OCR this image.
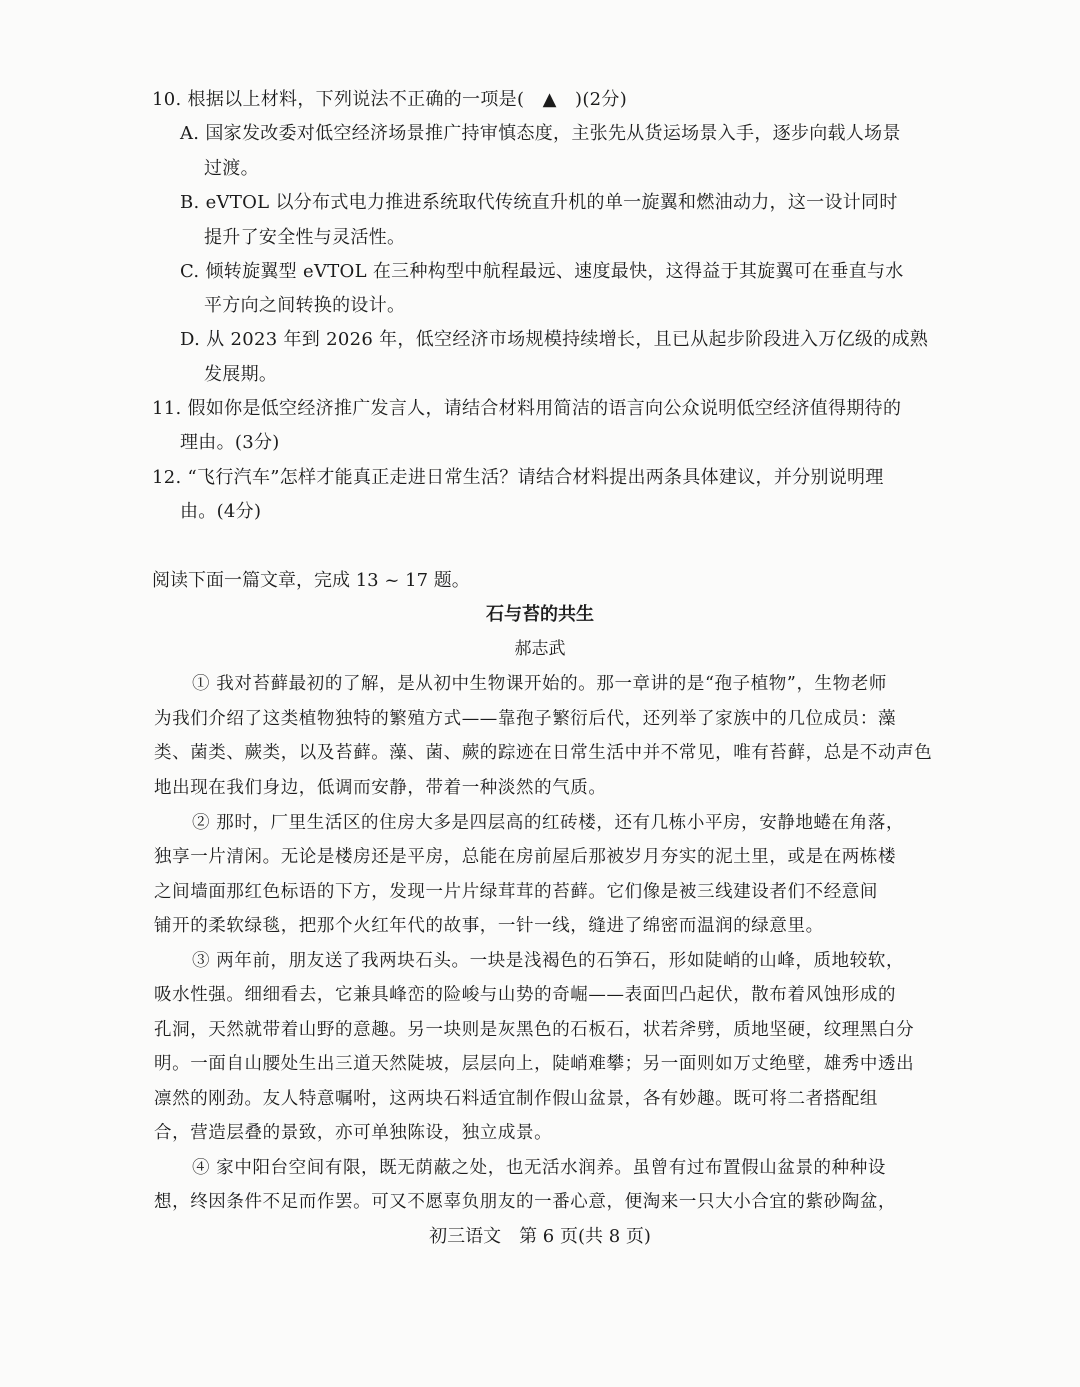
10. 根据以上材料，下列说法不正确的一项是(　▲　)(2分)
A. 国家发改委对低空经济场景推广持审慎态度，主张先从货运场景入手，逐步向载人场景
过渡。
B. eVTOL 以分布式电力推进系统取代传统直升机的单一旋翼和燃油动力，这一设计同时
提升了安全性与灵活性。
C. 倾转旋翼型 eVTOL 在三种构型中航程最远、速度最快，这得益于其旋翼可在垂直与水
平方向之间转换的设计。
D. 从 2023 年到 2026 年，低空经济市场规模持续增长，且已从起步阶段进入万亿级的成熟
发展期。
11. 假如你是低空经济推广发言人，请结合材料用简洁的语言向公众说明低空经济值得期待的
理由。(3分)
12. “飞行汽车”怎样才能真正走进日常生活？请结合材料提出两条具体建议，并分别说明理
由。(4分)
阅读下面一篇文章，完成 13 ~ 17 题。
石与苔的共生
郝志武
① 我对苔藓最初的了解，是从初中生物课开始的。那一章讲的是“孢子植物”，生物老师
为我们介绍了这类植物独特的繁殖方式——靠孢子繁衍后代，还列举了家族中的几位成员：藻
类、菌类、蕨类，以及苔藓。藻、菌、蕨的踪迹在日常生活中并不常见，唯有苔藓，总是不动声色
地出现在我们身边，低调而安静，带着一种淡然的气质。
② 那时，厂里生活区的住房大多是四层高的红砖楼，还有几栋小平房，安静地蜷在角落，
独享一片清闲。无论是楼房还是平房，总能在房前屋后那被岁月夯实的泥土里，或是在两栋楼
之间墙面那红色标语的下方，发现一片片绿茸茸的苔藓。它们像是被三线建设者们不经意间
铺开的柔软绿毯，把那个火红年代的故事，一针一线，缝进了绵密而温润的绿意里。
③ 两年前，朋友送了我两块石头。一块是浅褐色的石笋石，形如陡峭的山峰，质地较软，
吸水性强。细细看去，它兼具峰峦的险峻与山势的奇崛——表面凹凸起伏，散布着风蚀形成的
孔洞，天然就带着山野的意趣。另一块则是灰黑色的石板石，状若斧劈，质地坚硬，纹理黑白分
明。一面自山腰处生出三道天然陡坡，层层向上，陡峭难攀；另一面则如万丈绝壁，雄秀中透出
凛然的刚劲。友人特意嘱咐，这两块石料适宜制作假山盆景，各有妙趣。既可将二者搭配组
合，营造层叠的景致，亦可单独陈设，独立成景。
④ 家中阳台空间有限，既无荫蔽之处，也无活水润养。虽曾有过布置假山盆景的种种设
想，终因条件不足而作罢。可又不愿辜负朋友的一番心意，便淘来一只大小合宜的紫砂陶盆，
初三语文　第 6 页(共 8 页)
